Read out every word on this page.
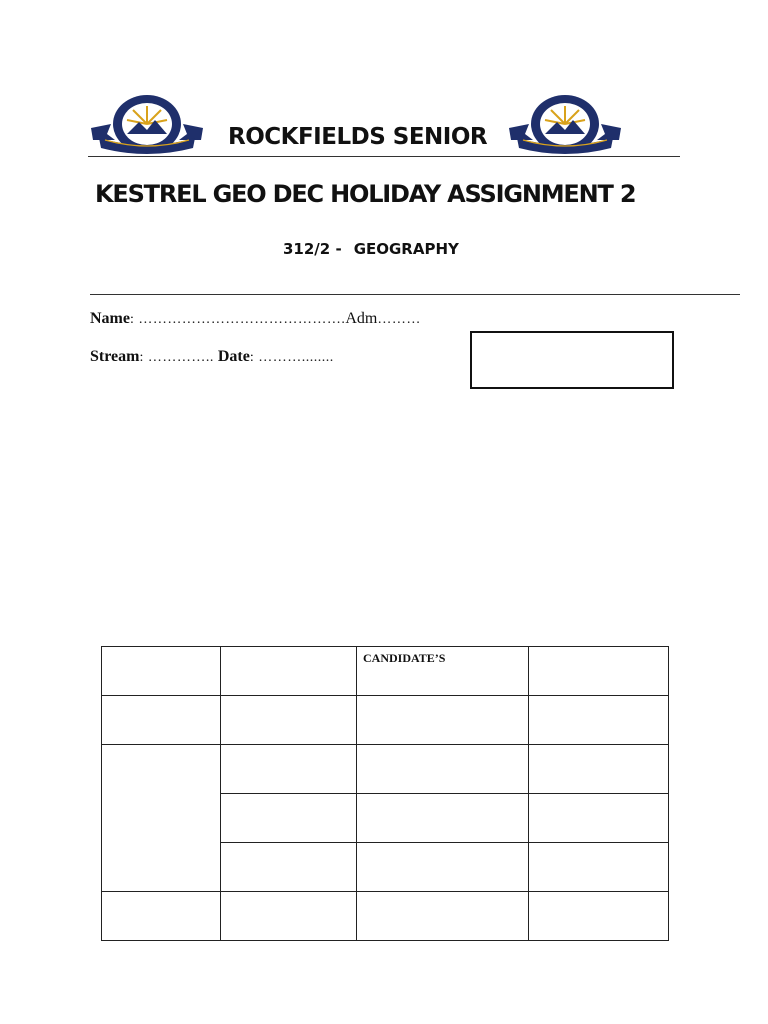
ROCKFIELDS SENIOR
KESTREL GEO DEC HOLIDAY ASSIGNMENT 2
312/2 - GEOGRAPHY
Name: …………………………………….Adm………
Stream: ………….. Date: ………........
		CANDIDATE’S	
